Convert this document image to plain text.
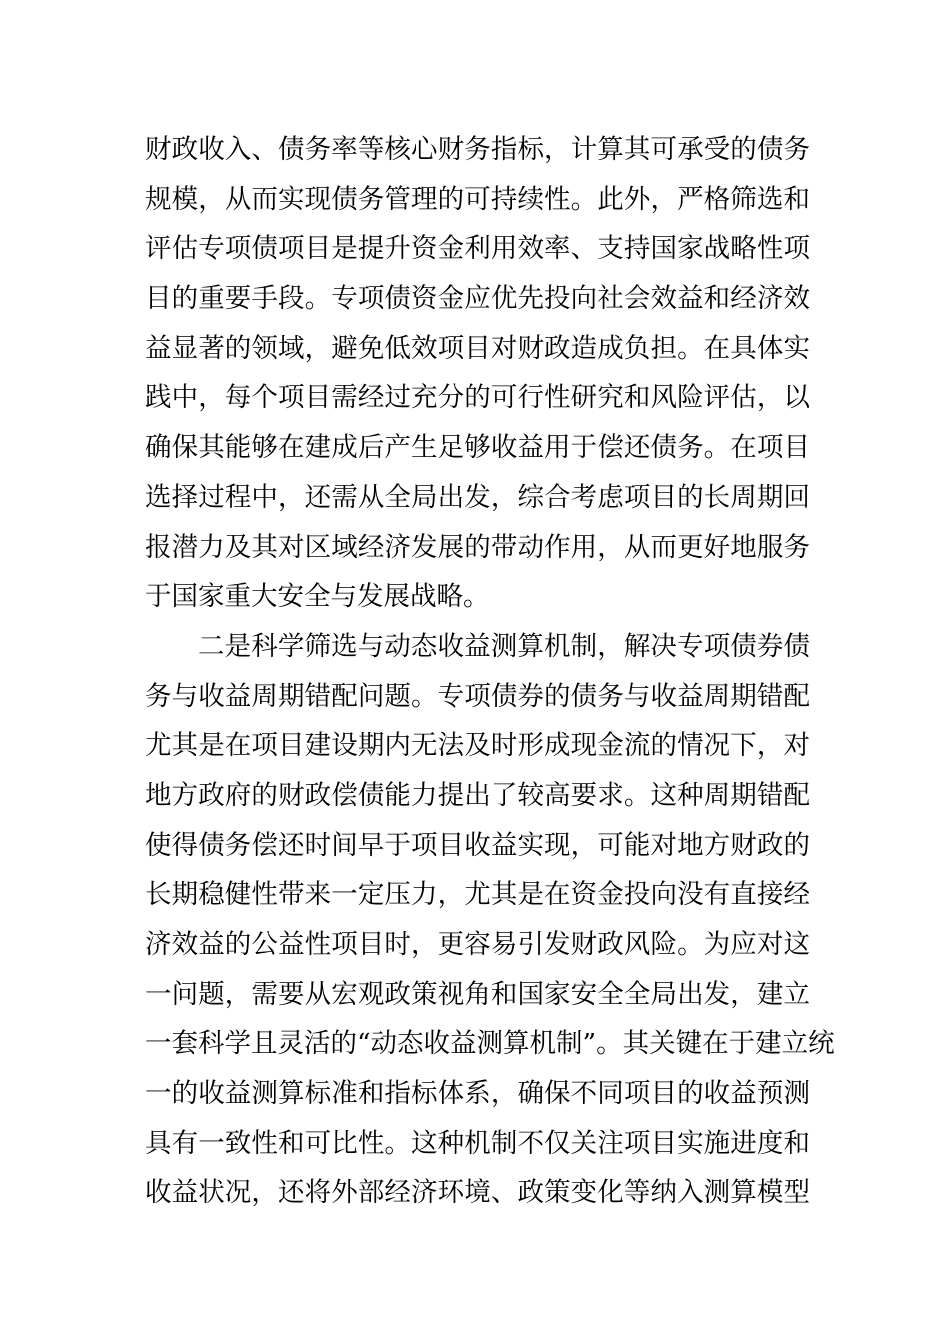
财政收入、债务率等核心财务指标，计算其可承受的债务
规模，从而实现债务管理的可持续性。此外，严格筛选和
评估专项债项目是提升资金利用效率、支持国家战略性项
目的重要手段。专项债资金应优先投向社会效益和经济效
益显著的领域，避免低效项目对财政造成负担。在具体实
践中，每个项目需经过充分的可行性研究和风险评估，以
确保其能够在建成后产生足够收益用于偿还债务。在项目
选择过程中，还需从全局出发，综合考虑项目的长周期回
报潜力及其对区域经济发展的带动作用，从而更好地服务
于国家重大安全与发展战略。
二是科学筛选与动态收益测算机制，解决专项债券债
务与收益周期错配问题。专项债券的债务与收益周期错配
尤其是在项目建设期内无法及时形成现金流的情况下，对
地方政府的财政偿债能力提出了较高要求。这种周期错配
使得债务偿还时间早于项目收益实现，可能对地方财政的
长期稳健性带来一定压力，尤其是在资金投向没有直接经
济效益的公益性项目时，更容易引发财政风险。为应对这
一问题，需要从宏观政策视角和国家安全全局出发，建立
一套科学且灵活的“动态收益测算机制”。其关键在于建立统
一的收益测算标准和指标体系，确保不同项目的收益预测
具有一致性和可比性。这种机制不仅关注项目实施进度和
收益状况，还将外部经济环境、政策变化等纳入测算模型
